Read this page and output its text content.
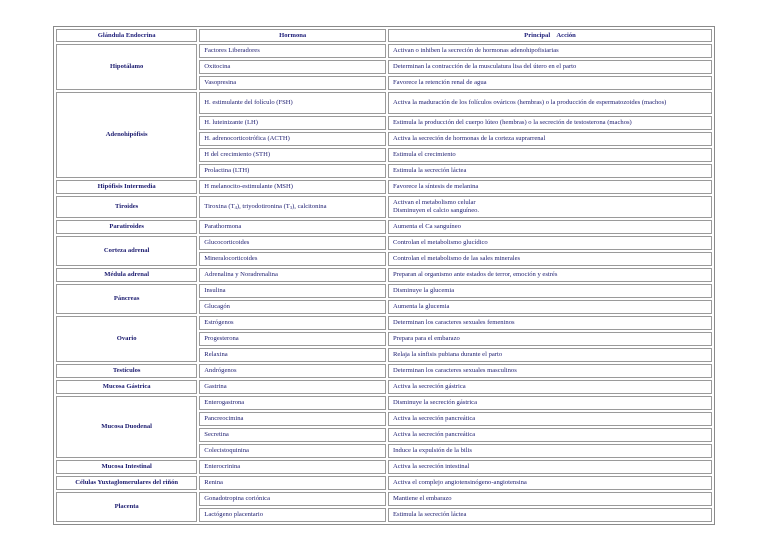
Glándula Endocrina	Hormona	Principal    Acción
Hipotálamo	Factores Liberadores	Activan o inhiben la secreción de hormonas adenohipofisiarias
	Oxitocina	Determinan la contracción de la musculatura lisa del útero en el parto
	Vasopresina	Favorece la retención renal de agua
Adenohipófisis	H. estimulante del folículo (FSH)	Activa la maduración de los folículos ováricos (hembras) o la producción de espermatozoides (machos)
	H. luteinizante (LH)	Estimula la producción del cuerpo lúteo (hembras) o la secreción de testosterona (machos)
	H. adrenocorticotrófica (ACTH)	Activa la secreción de hormonas de la corteza suprarrenal
	H del crecimiento (STH)	Estimula el crecimiento
	Prolactina (LTH)	Estimula la secreción láctea
Hipófisis Intermedia	H melanocito-estimulante (MSH)	Favorece la síntesis de melanina
Tiroides	Tiroxina $(T_4)$, triyodotironina $(T_3)$, calcitonina	Activan el metabolismo celular
Disminuyen el calcio sanguíneo.

Paratiroides	Parathormona	Aumenta el Ca sanguíneo
Corteza adrenal	Glucocorticoides	Controlan el metabolismo glucídico
	Mineralocorticoides	Controlan el metabolismo de las sales minerales
Médula adrenal	Adrenalina y Noradrenalina	Preparan al organismo ante estados de terror, emoción y estrés
Páncreas	Insulina	Disminuye la glucemia
	Glucagón	Aumenta la glucemia
Ovario	Estrógenos	Determinan los caracteres sexuales femeninos
	Progesterona	Prepara para el embarazo
	Relaxina	Relaja la sínfisis pubiana durante el parto
Testículos	Andrógenos	Determinan los caracteres sexuales masculinos
Mucosa Gástrica	Gastrina	Activa la secreción gástrica
Mucosa Duodenal	Enterogastrona	Disminuye la secreción gástrica
	Pancreocimina	Activa la secreción pancreática
	Secretina	Activa la secreción pancreática
	Colecistoquinina	Induce la expulsión de la bilis
Mucosa Intestinal	Enterocrinina	Activa la secreción intestinal
Células Yuxtaglomerulares del riñón	Renina	Activa el complejo angiotensinógeno-angiotensina
Placenta	Gonadotropina coriónica	Mantiene el embarazo
	Lactógeno placentario	Estimula la secreción láctea
